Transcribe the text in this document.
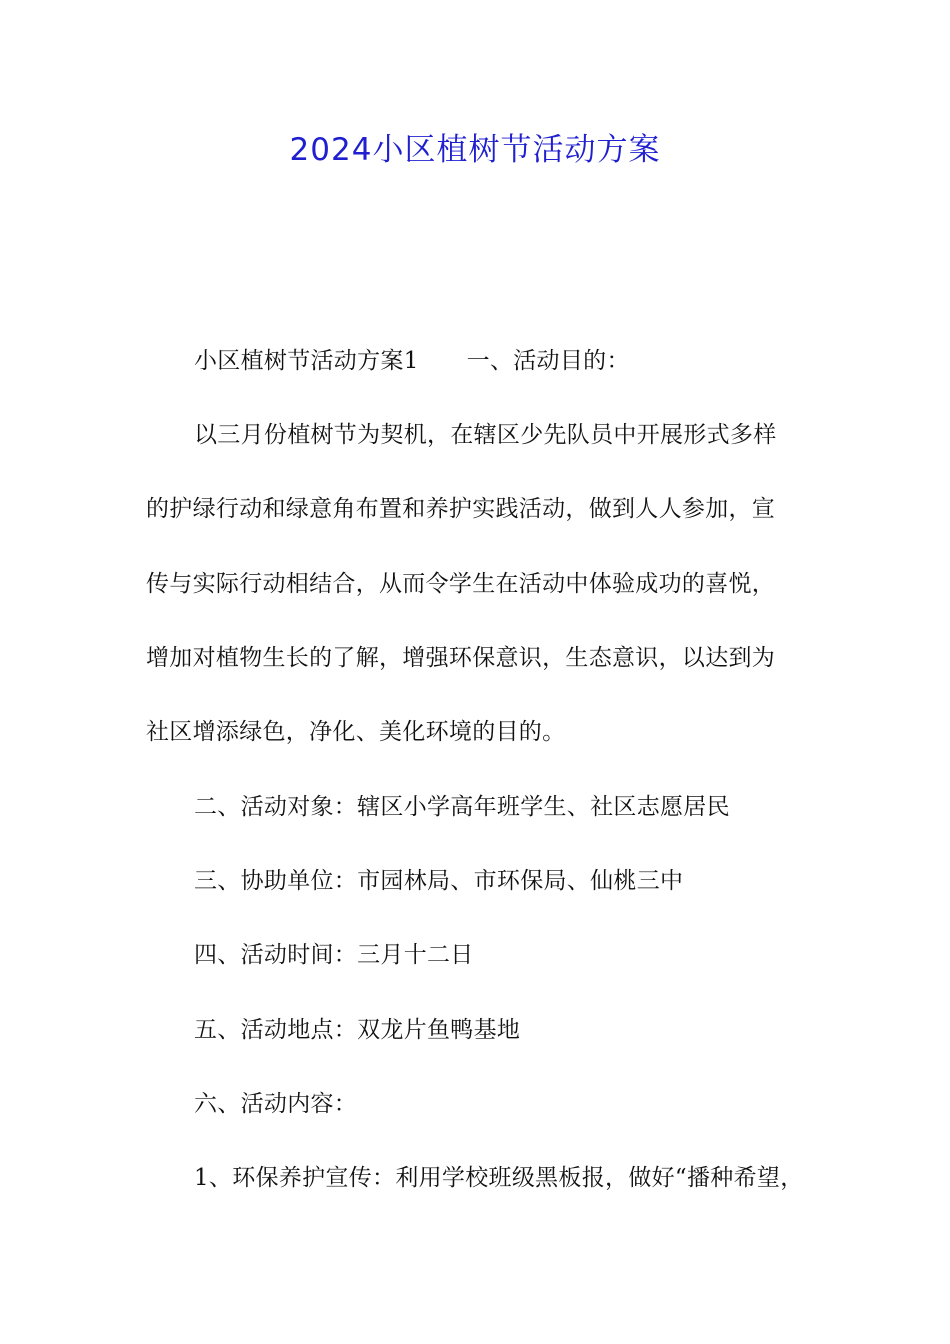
2024小区植树节活动方案

小区植树节活动方案1 一、活动目的：

以三月份植树节为契机，在辖区少先队员中开展形式多样

的护绿行动和绿意角布置和养护实践活动，做到人人参加，宣

传与实际行动相结合，从而令学生在活动中体验成功的喜悦，

增加对植物生长的了解，增强环保意识，生态意识，以达到为

社区增添绿色，净化、美化环境的目的。

二、活动对象：辖区小学高年班学生、社区志愿居民

三、协助单位：市园林局、市环保局、仙桃三中

四、活动时间：三月十二日

五、活动地点：双龙片鱼鸭基地

六、活动内容：

1、环保养护宣传：利用学校班级黑板报，做好“播种希望，
